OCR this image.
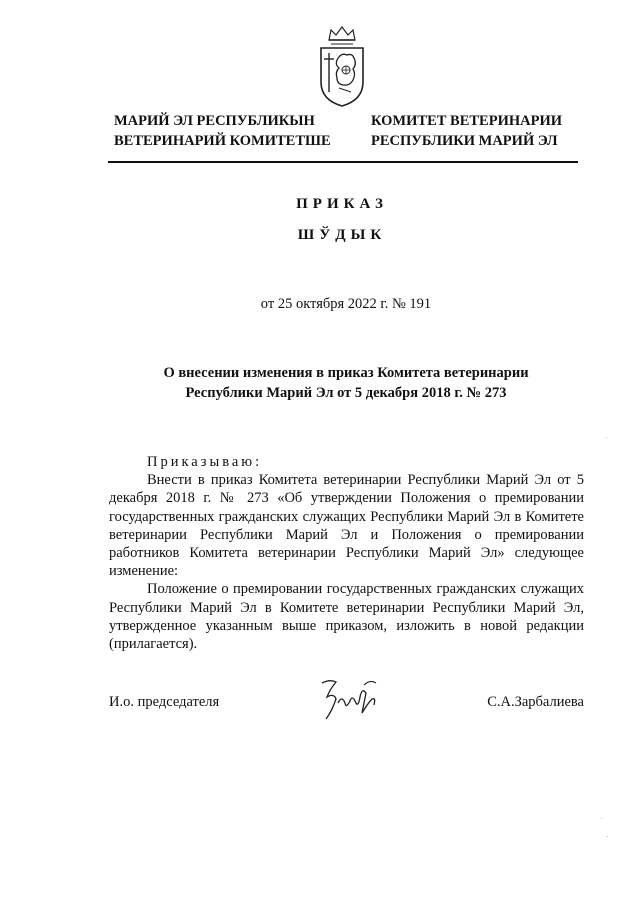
МАРИЙ ЭЛ РЕСПУБЛИКЫН
ВЕТЕРИНАРИЙ КОМИТЕТШЕ
КОМИТЕТ ВЕТЕРИНАРИИ
РЕСПУБЛИКИ МАРИЙ ЭЛ
ПРИКАЗ
ШЎДЫК
от 25 октября 2022 г. № 191
О внесении изменения в приказ Комитета ветеринарии
Республики Марий Эл от 5 декабря 2018 г. № 273

Приказываю:

Внести в приказ Комитета ветеринарии Республики Марий Эл от 5 декабря 2018 г. № 273 «Об утверждении Положения о премировании государственных гражданских служащих Республики Марий Эл в Комитете ветеринарии Республики Марий Эл и Положения о премировании работников Комитета ветеринарии Республики Марий Эл» следующее изменение:

Положение о премировании государственных гражданских служащих Республики Марий Эл в Комитете ветеринарии Республики Марий Эл, утвержденное указанным выше приказом, изложить в новой редакции (прилагается).

И.о. председателя	С.А.Зарбалиева
